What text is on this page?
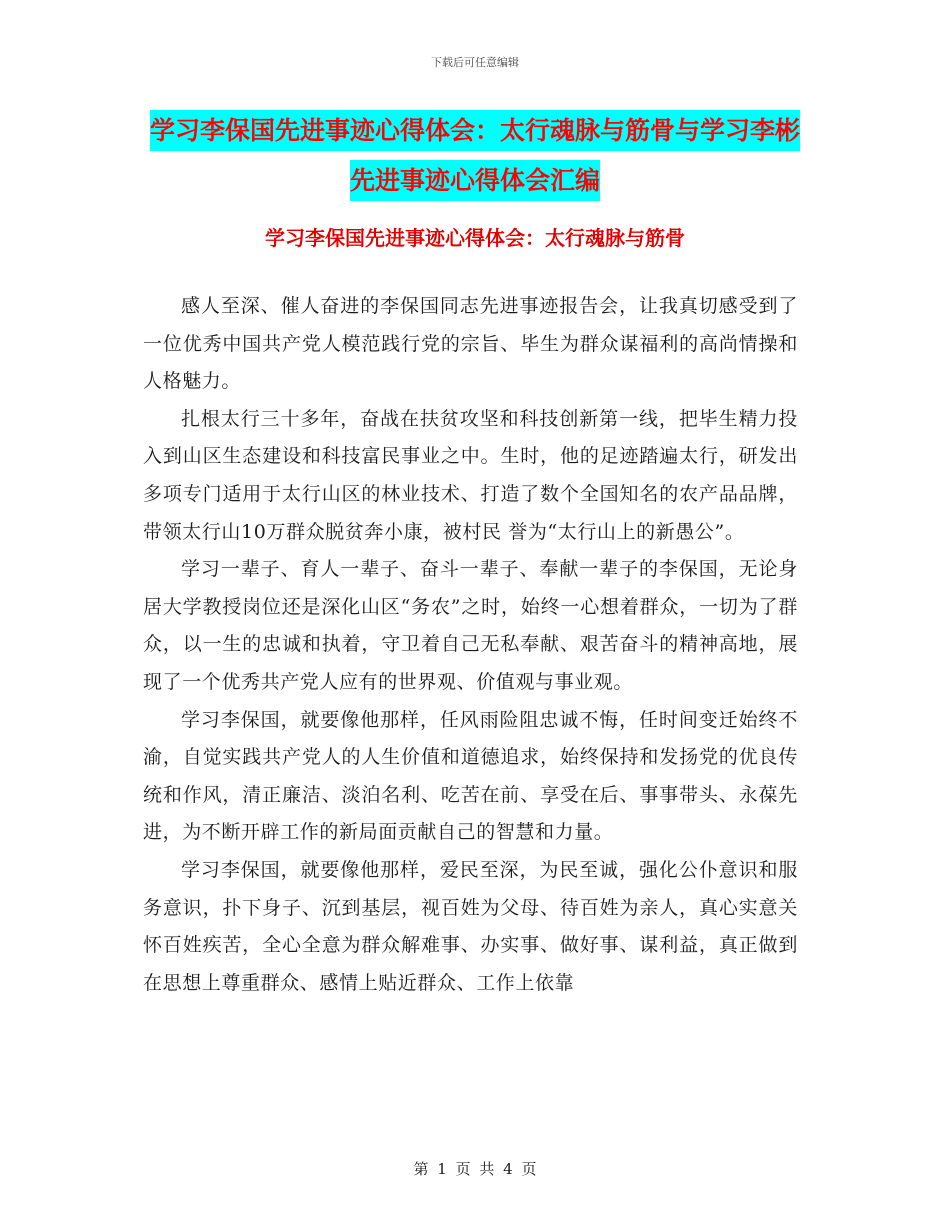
下载后可任意编辑
学习李保国先进事迹心得体会：太行魂脉与筋骨与学习李彬先进事迹心得体会汇编
学习李保国先进事迹心得体会：太行魂脉与筋骨

感人至深、催人奋进的李保国同志先进事迹报告会，让我真切感受到了一位优秀中国共产党人模范践行党的宗旨、毕生为群众谋福利的高尚情操和人格魅力。

扎根太行三十多年，奋战在扶贫攻坚和科技创新第一线，把毕生精力投入到山区生态建设和科技富民事业之中。生时，他的足迹踏遍太行，研发出多项专门适用于太行山区的林业技术、打造了数个全国知名的农产品品牌，带领太行山10万群众脱贫奔小康，被村民 誉为“太行山上的新愚公”。

学习一辈子、育人一辈子、奋斗一辈子、奉献一辈子的李保国，无论身居大学教授岗位还是深化山区“务农”之时，始终一心想着群众，一切为了群众，以一生的忠诚和执着，守卫着自己无私奉献、艰苦奋斗的精神高地，展现了一个优秀共产党人应有的世界观、价值观与事业观。

学习李保国，就要像他那样，任风雨险阻忠诚不悔，任时间变迁始终不渝，自觉实践共产党人的人生价值和道德追求，始终保持和发扬党的优良传统和作风，清正廉洁、淡泊名利、吃苦在前、享受在后、事事带头、永葆先进，为不断开辟工作的新局面贡献自己的智慧和力量。

学习李保国，就要像他那样，爱民至深，为民至诚，强化公仆意识和服务意识，扑下身子、沉到基层，视百姓为父母、待百姓为亲人，真心实意关怀百姓疾苦，全心全意为群众解难事、办实事、做好事、谋利益，真正做到在思想上尊重群众、感情上贴近群众、工作上依靠

第 1 页 共 4 页
